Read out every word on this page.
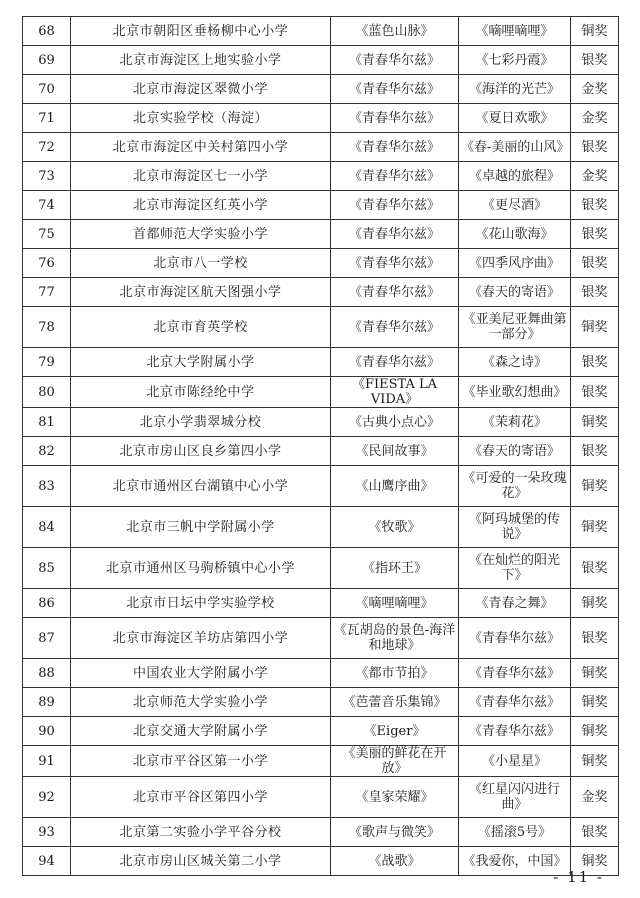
68	北京市朝阳区垂杨柳中心小学	《蓝色山脉》	《嘀哩嘀哩》	铜奖
69	北京市海淀区上地实验小学	《青春华尔兹》	《七彩丹霞》	银奖
70	北京市海淀区翠微小学	《青春华尔兹》	《海洋的光芒》	金奖
71	北京实验学校（海淀）	《青春华尔兹》	《夏日欢歌》	金奖
72	北京市海淀区中关村第四小学	《青春华尔兹》	《春-美丽的山风》	银奖
73	北京市海淀区七一小学	《青春华尔兹》	《卓越的旅程》	金奖
74	北京市海淀区红英小学	《青春华尔兹》	《更尽酒》	银奖
75	首都师范大学实验小学	《青春华尔兹》	《花山歌海》	银奖
76	北京市八一学校	《青春华尔兹》	《四季风序曲》	银奖
77	北京市海淀区航天图强小学	《青春华尔兹》	《春天的寄语》	银奖
78	北京市育英学校	《青春华尔兹》	《亚美尼亚舞曲第一部分》	铜奖
79	北京大学附属小学	《青春华尔兹》	《森之诗》	银奖
80	北京市陈经纶中学	《FIESTA LA VIDA》	《毕业歌幻想曲》	银奖
81	北京小学翡翠城分校	《古典小点心》	《茉莉花》	铜奖
82	北京市房山区良乡第四小学	《民间故事》	《春天的寄语》	银奖
83	北京市通州区台湖镇中心小学	《山鹰序曲》	《可爱的一朵玫瑰花》	铜奖
84	北京市三帆中学附属小学	《牧歌》	《阿玛城堡的传说》	铜奖
85	北京市通州区马驹桥镇中心小学	《指环王》	《在灿烂的阳光下》	银奖
86	北京市日坛中学实验学校	《嘀哩嘀哩》	《青春之舞》	铜奖
87	北京市海淀区羊坊店第四小学	《瓦胡岛的景色-海洋和地球》	《青春华尔兹》	银奖
88	中国农业大学附属小学	《都市节拍》	《青春华尔兹》	铜奖
89	北京师范大学实验小学	《芭蕾音乐集锦》	《青春华尔兹》	铜奖
90	北京交通大学附属小学	《Eiger》	《青春华尔兹》	铜奖
91	北京市平谷区第一小学	《美丽的鲜花在开放》	《小星星》	铜奖
92	北京市平谷区第四小学	《皇家荣耀》	《红星闪闪进行曲》	金奖
93	北京第二实验小学平谷分校	《歌声与微笑》	《摇滚5号》	银奖
94	北京市房山区城关第二小学	《战歌》	《我爱你，中国》	铜奖
- 11 -
